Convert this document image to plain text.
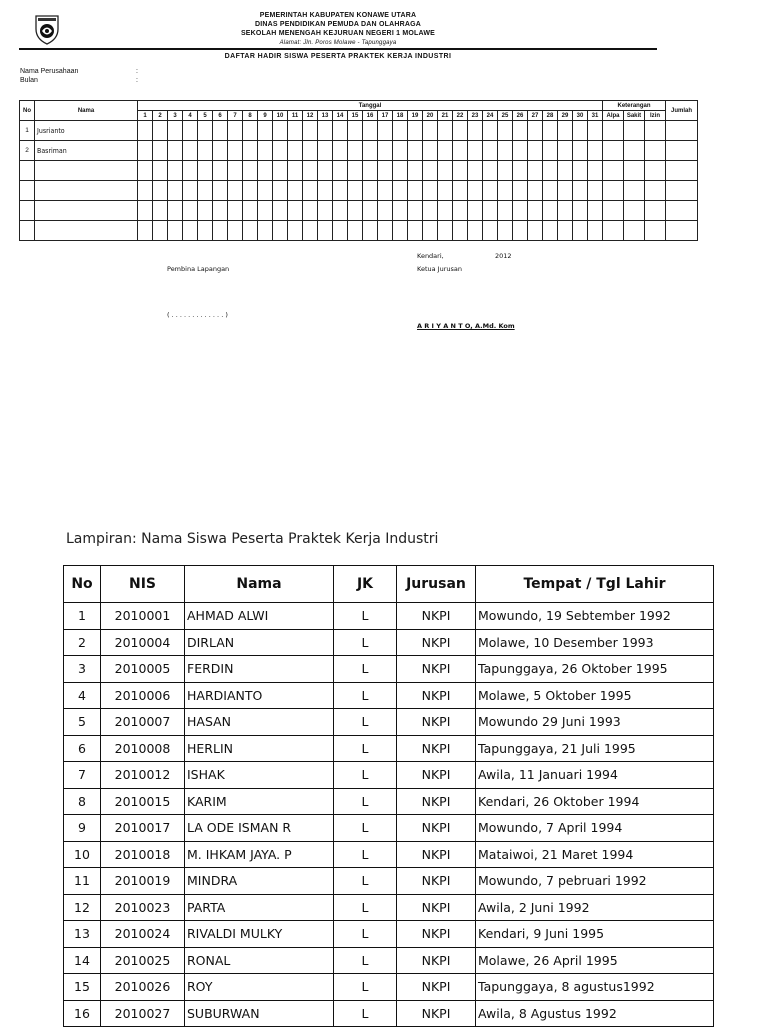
PEMERINTAH KABUPATEN KONAWE UTARA
DINAS PENDIDIKAN PEMUDA DAN OLAHRAGA
SEKOLAH MENENGAH KEJURUAN NEGERI 1 MOLAWE
Alamat: Jln. Poros Molawe - Tapunggaya
DAFTAR HADIR SISWA PESERTA PRAKTEK KERJA INDUSTRI
Nama Perusahaan	:
Bulan	:
No	Nama	Tanggal																															Keterangan			Jumlah
		1	2	3	4	5	6	7	8	9	10	11	12	13	14	15	16	17	18	19	20	21	22	23	24	25	26	27	28	29	30	31	Alpa	Sakit	Izin	
1	Jusrianto																																			
2	Basriman																																			

Kendari,	2012
Pembina Lapangan	Ketua Jurusan
( . . . . . . . . . . . . . )
A R I Y A N T O, A.Md. Kom
Lampiran: Nama Siswa Peserta Praktek Kerja Industri
No	NIS	Nama	JK	Jurusan	Tempat / Tgl Lahir
1	2010001	AHMAD ALWI	L	NKPI	Mowundo, 19 Sebtember 1992
2	2010004	DIRLAN	L	NKPI	Molawe, 10 Desember 1993
3	2010005	FERDIN	L	NKPI	Tapunggaya, 26 Oktober 1995
4	2010006	HARDIANTO	L	NKPI	Molawe, 5 Oktober 1995
5	2010007	HASAN	L	NKPI	Mowundo 29 Juni 1993
6	2010008	HERLIN	L	NKPI	Tapunggaya, 21 Juli 1995
7	2010012	ISHAK	L	NKPI	Awila, 11 Januari 1994
8	2010015	KARIM	L	NKPI	Kendari, 26 Oktober 1994
9	2010017	LA ODE ISMAN R	L	NKPI	Mowundo, 7 April 1994
10	2010018	M. IHKAM JAYA. P	L	NKPI	Mataiwoi, 21 Maret 1994
11	2010019	MINDRA	L	NKPI	Mowundo, 7 pebruari 1992
12	2010023	PARTA	L	NKPI	Awila, 2 Juni 1992
13	2010024	RIVALDI MULKY	L	NKPI	Kendari, 9 Juni 1995
14	2010025	RONAL	L	NKPI	Molawe, 26 April 1995
15	2010026	ROY	L	NKPI	Tapunggaya, 8 agustus1992
16	2010027	SUBURWAN	L	NKPI	Awila, 8 Agustus 1992
